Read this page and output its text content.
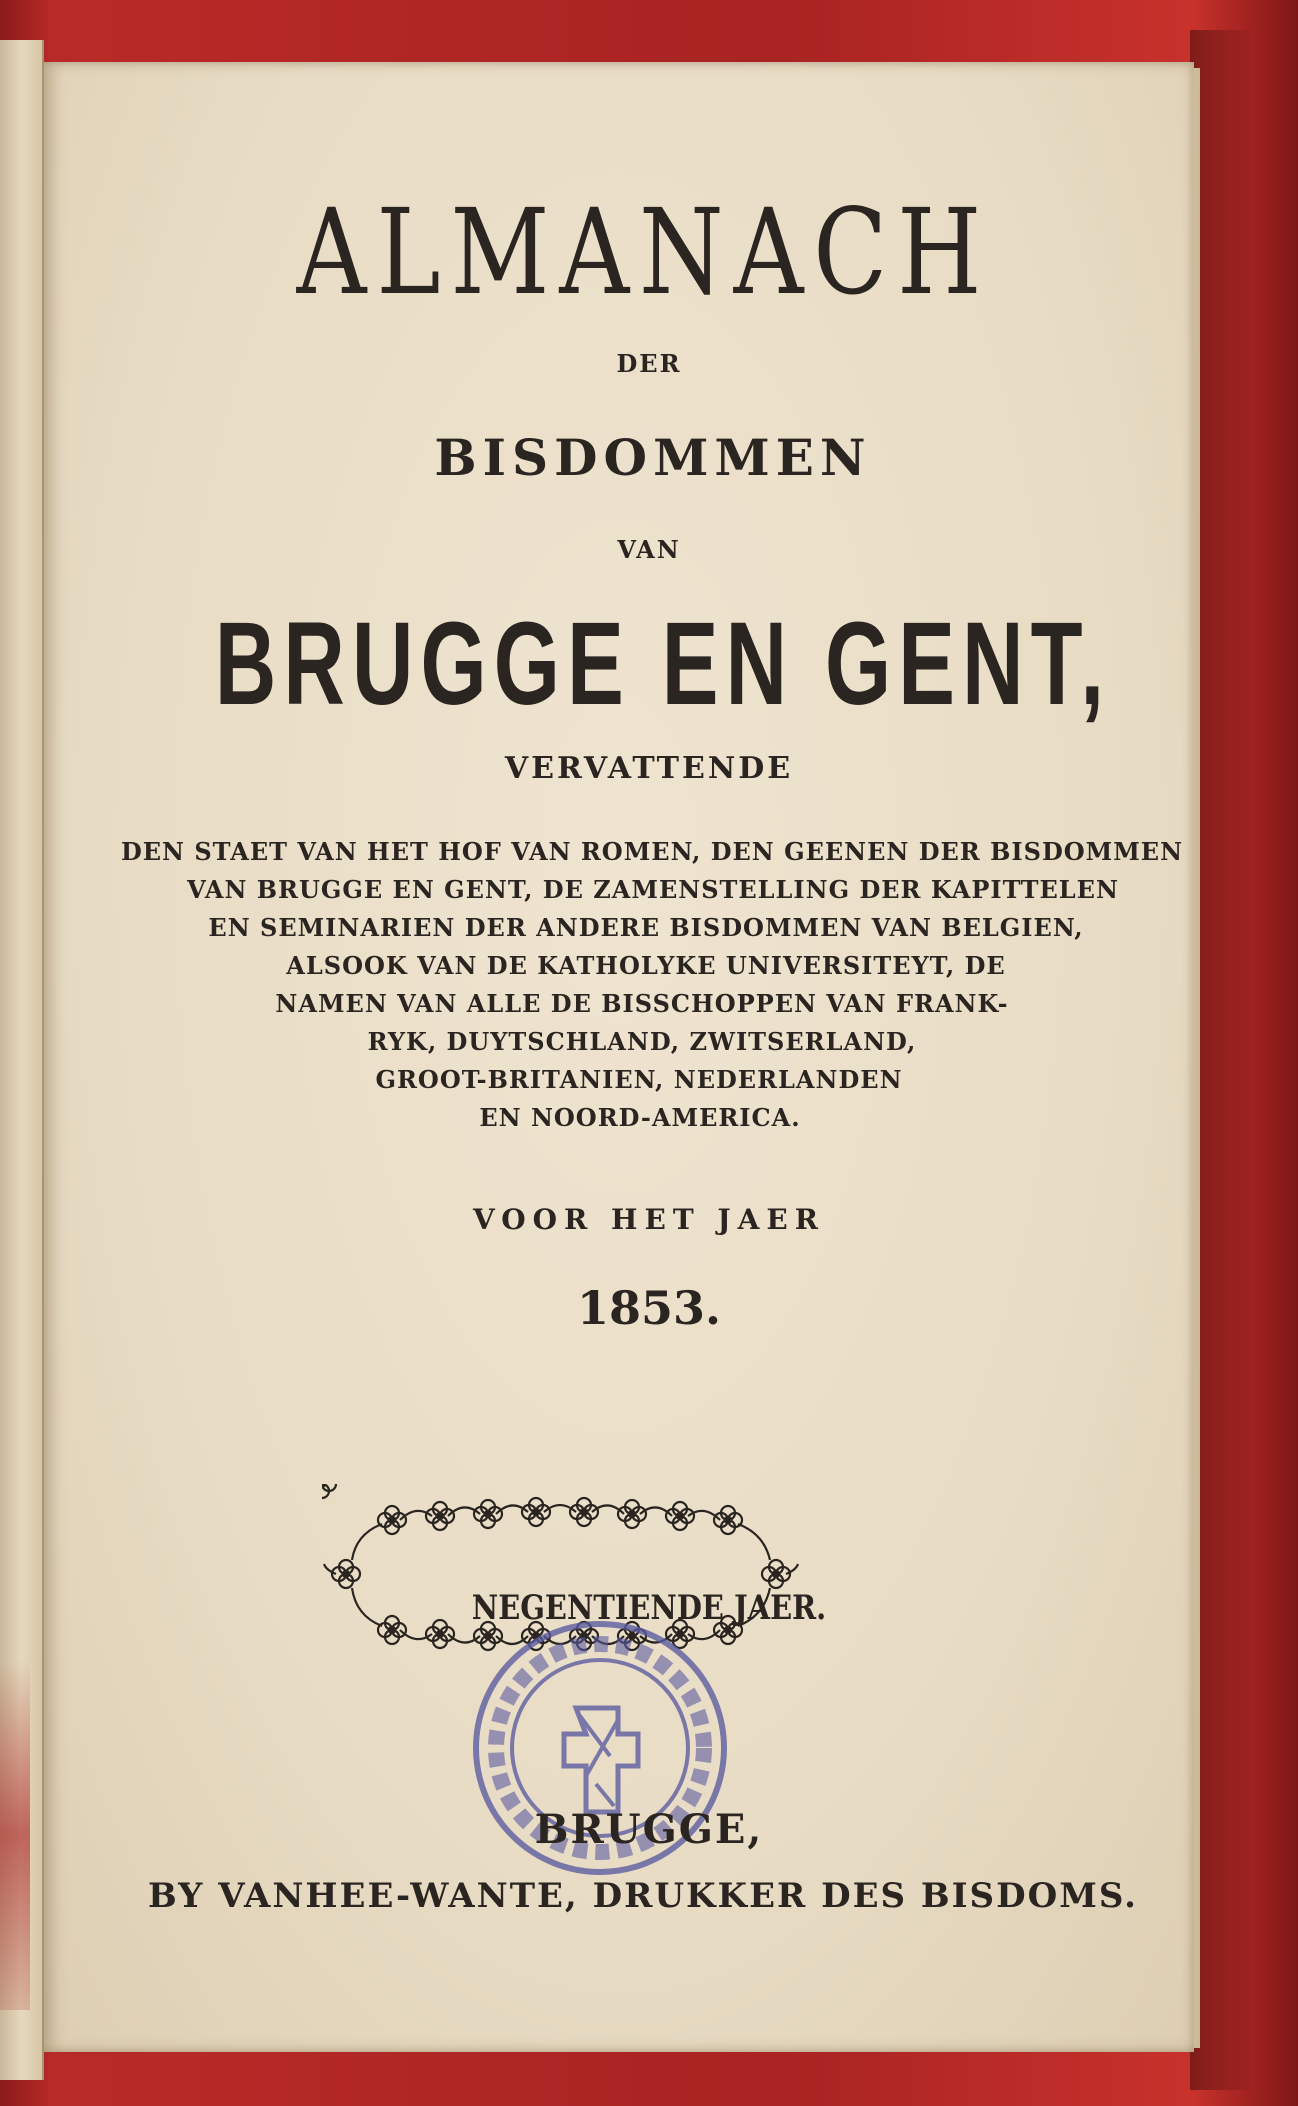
ALMANACH

DER

BISDOMMEN

VAN

BRUGGE EN GENT,

VERVATTENDE

DEN STAET VAN HET HOF VAN ROMEN, DEN GEENEN DER BISDOMMEN

VAN BRUGGE EN GENT, DE ZAMENSTELLING DER KAPITTELEN

EN SEMINARIEN DER ANDERE BISDOMMEN VAN BELGIEN,

ALSOOK VAN DE KATHOLYKE UNIVERSITEYT, DE

NAMEN VAN ALLE DE BISSCHOPPEN VAN FRANK-

RYK, DUYTSCHLAND, ZWITSERLAND,

GROOT-BRITANIEN, NEDERLANDEN

EN NOORD-AMERICA.

VOOR HET JAER

1853.

NEGENTIENDE JAER.

BRUGGE,

BY VANHEE-WANTE, DRUKKER DES BISDOMS.
